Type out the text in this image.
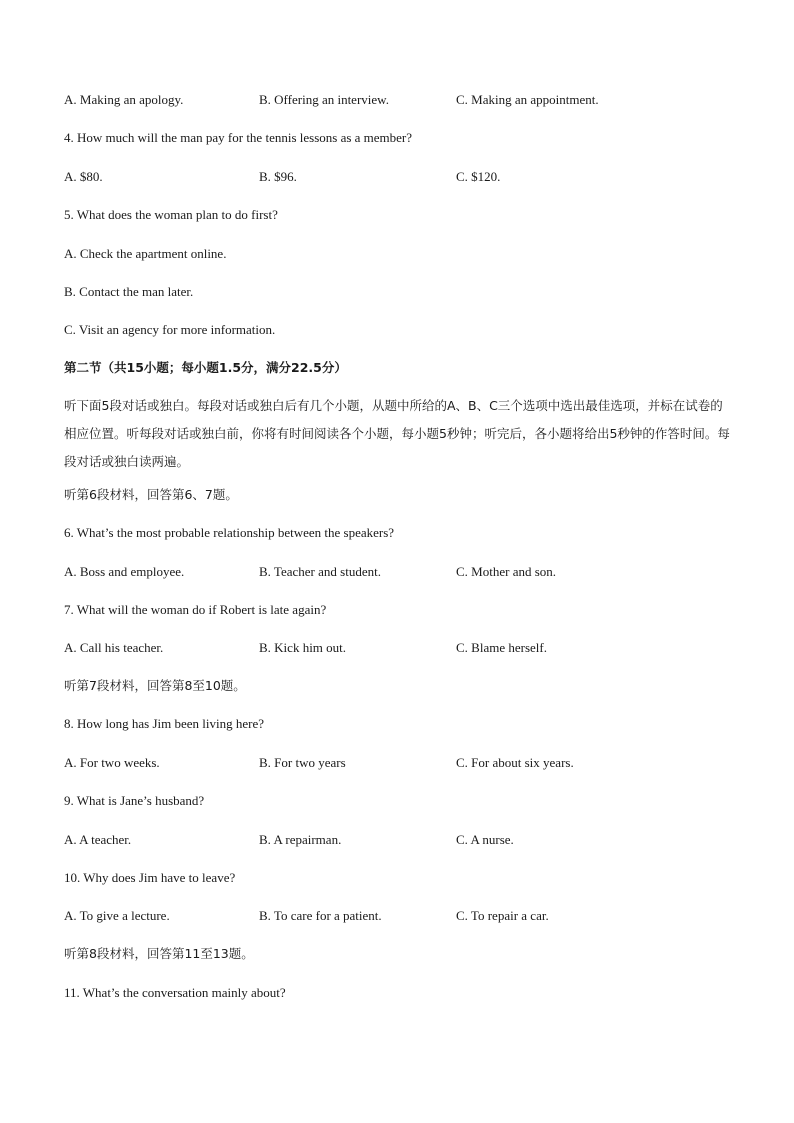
A. Making an apology.	B. Offering an interview.	C. Making an appointment.
4. How much will the man pay for the tennis lessons as a member?
A. $80.	B. $96.	C. $120.
5. What does the woman plan to do first?
A. Check the apartment online.
B. Contact the man later.
C. Visit an agency for more information.
第二节（共15小题；每小题1.5分，满分22.5分）
听下面5段对话或独白。每段对话或独白后有几个小题，从题中所给的A、B、C三个选项中选出最佳选项，并标在试卷的相应位置。听每段对话或独白前，你将有时间阅读各个小题，每小题5秒钟；听完后，各小题将给出5秒钟的作答时间。每段对话或独白读两遍。
听第6段材料，回答第6、7题。
6. What’s the most probable relationship between the speakers?
A. Boss and employee.	B. Teacher and student.	C. Mother and son.
7. What will the woman do if Robert is late again?
A. Call his teacher.	B. Kick him out.	C. Blame herself.
听第7段材料，回答第8至10题。
8. How long has Jim been living here?
A. For two weeks.	B. For two years	C. For about six years.
9. What is Jane’s husband?
A. A teacher.	B. A repairman.	C. A nurse.
10. Why does Jim have to leave?
A. To give a lecture.	B. To care for a patient.	C. To repair a car.
听第8段材料，回答第11至13题。
11. What’s the conversation mainly about?
